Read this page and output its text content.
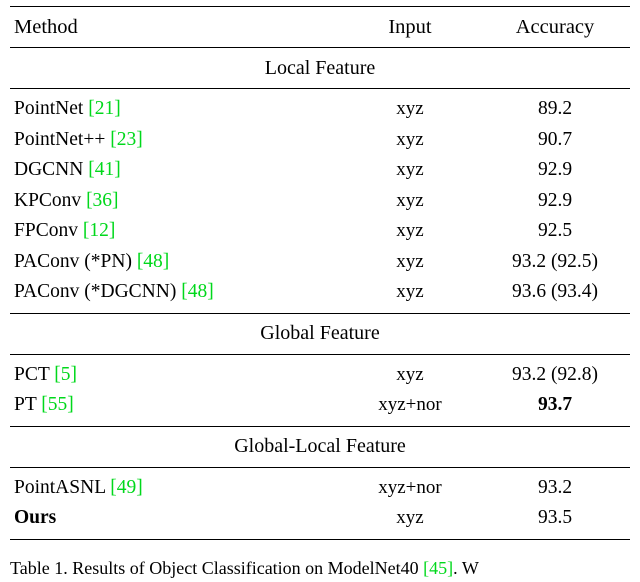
Method	Input	Accuracy

Local Feature		

PointNet [21]	xyz	89.2
PointNet++ [23]	xyz	90.7
DGCNN [41]	xyz	92.9
KPConv [36]	xyz	92.9
FPConv [12]	xyz	92.5
PAConv (*PN) [48]	xyz	93.2 (92.5)
PAConv (*DGCNN) [48]	xyz	93.6 (93.4)

Global Feature		

PCT [5]	xyz	93.2 (92.8)
PT [55]	xyz+nor	93.7

Global-Local Feature		

PointASNL [49]	xyz+nor	93.2
Ours	xyz	93.5

Table 1. Results of Object Classification on ModelNet40 [45]. W
